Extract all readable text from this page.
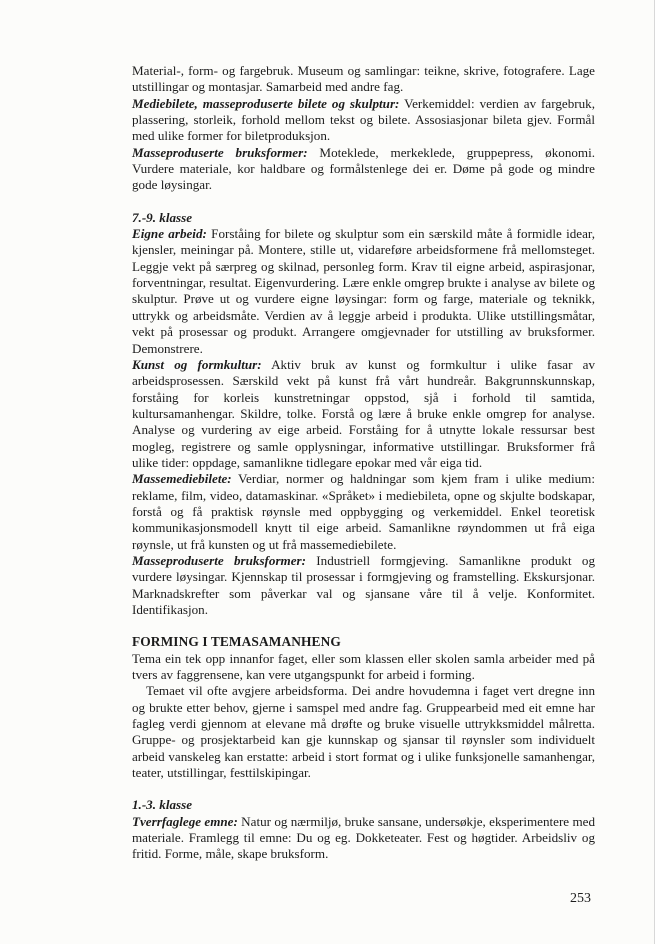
Material-, form- og fargebruk. Museum og samlingar: teikne, skrive, fotografere. Lage utstillingar og montasjar. Samarbeid med andre fag.

Mediebilete, masseproduserte bilete og skulptur: Verkemiddel: verdien av fargebruk, plassering, storleik, forhold mellom tekst og bilete. Assosiasjonar bileta gjev. Formål med ulike former for biletproduksjon.

Masseproduserte bruksformer: Moteklede, merkeklede, gruppepress, økonomi. Vurdere materiale, kor haldbare og formålstenlege dei er. Døme på gode og mindre gode løysingar.

7.-9. klasse

Eigne arbeid: Forståing for bilete og skulptur som ein særskild måte å formidle idear, kjensler, meiningar på. Montere, stille ut, vidareføre arbeidsformene frå mellomsteget. Leggje vekt på særpreg og skilnad, personleg form. Krav til eigne arbeid, aspirasjonar, forventningar, resultat. Eigenvurdering. Lære enkle omgrep brukte i analyse av bilete og skulptur. Prøve ut og vurdere eigne løysingar: form og farge, materiale og teknikk, uttrykk og arbeidsmåte. Verdien av å leggje arbeid i produkta. Ulike utstillingsmåtar, vekt på prosessar og produkt. Arrangere omgjevnader for utstilling av bruksformer. Demonstrere.

Kunst og formkultur: Aktiv bruk av kunst og formkultur i ulike fasar av arbeidsprosessen. Særskild vekt på kunst frå vårt hundreår. Bakgrunnskunnskap, forståing for korleis kunstretningar oppstod, sjå i forhold til samtida, kultursamanhengar. Skildre, tolke. Forstå og lære å bruke enkle omgrep for analyse. Analyse og vurdering av eige arbeid. Forståing for å utnytte lokale ressursar best mogleg, registrere og samle opplysningar, informative utstillingar. Bruksformer frå ulike tider: oppdage, samanlikne tidlegare epokar med vår eiga tid.

Massemediebilete: Verdiar, normer og haldningar som kjem fram i ulike medium: reklame, film, video, datamaskinar. «Språket» i mediebileta, opne og skjulte bodskapar, forstå og få praktisk røynsle med oppbygging og verkemiddel. Enkel teoretisk kommunikasjonsmodell knytt til eige arbeid. Samanlikne røyndommen ut frå eiga røynsle, ut frå kunsten og ut frå massemediebilete.

Masseproduserte bruksformer: Industriell formgjeving. Samanlikne produkt og vurdere løysingar. Kjennskap til prosessar i formgjeving og framstelling. Ekskursjonar. Marknadskrefter som påverkar val og sjansane våre til å velje. Konformitet. Identifikasjon.

FORMING I TEMASAMANHENG

Tema ein tek opp innanfor faget, eller som klassen eller skolen samla arbeider med på tvers av faggrensene, kan vere utgangspunkt for arbeid i forming.

Temaet vil ofte avgjere arbeidsforma. Dei andre hovudemna i faget vert dregne inn og brukte etter behov, gjerne i samspel med andre fag. Gruppearbeid med eit emne har fagleg verdi gjennom at elevane må drøfte og bruke visuelle uttrykksmiddel målretta. Gruppe- og prosjektarbeid kan gje kunnskap og sjansar til røynsler som individuelt arbeid vanskeleg kan erstatte: arbeid i stort format og i ulike funksjonelle samanhengar, teater, utstillingar, festtilskipingar.

1.-3. klasse

Tverrfaglege emne: Natur og nærmiljø, bruke sansane, undersøkje, eksperimentere med materiale. Framlegg til emne: Du og eg. Dokketeater. Fest og høgtider. Arbeidsliv og fritid. Forme, måle, skape bruksform.

253
